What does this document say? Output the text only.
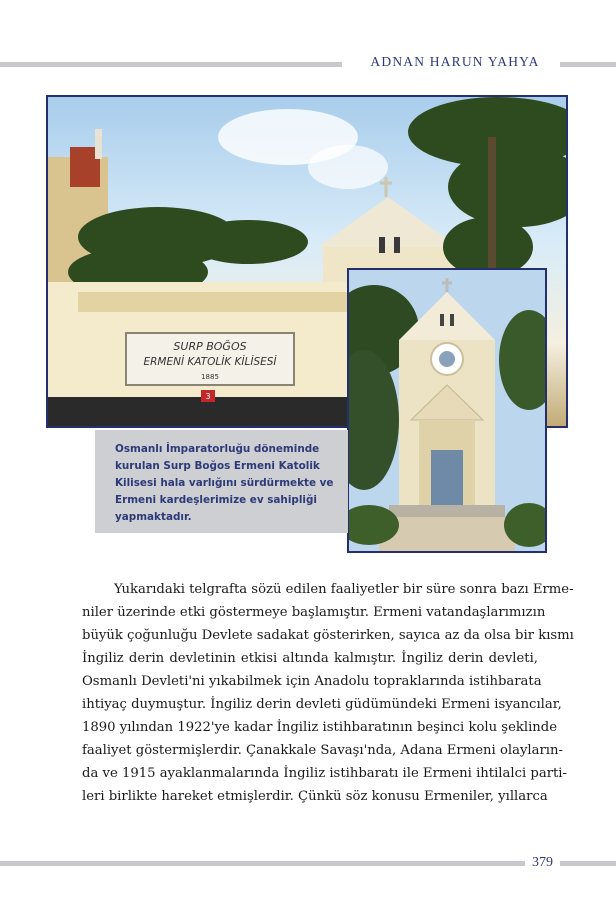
ADNAN HARUN YAHYA
SURP BOĞOS
ERMENİ KATOLİK KİLİSESİ
1885
3
Osmanlı İmparatorluğu döneminde
kurulan Surp Boğos Ermeni Katolik
Kilisesi hala varlığını sürdürmekte ve
Ermeni kardeşlerimize ev sahipliği
yapmaktadır.
Yukarıdaki telgrafta sözü edilen faaliyetler bir süre sonra bazı Erme-
niler üzerinde etki göstermeye başlamıştır. Ermeni vatandaşlarımızın
büyük çoğunluğu Devlete sadakat gösterirken, sayıca az da olsa bir kısmı
İngiliz derin devletinin etkisi altında kalmıştır. İngiliz derin devleti,
Osmanlı Devleti'ni yıkabilmek için Anadolu topraklarında istihbarata
ihtiyaç duymuştur. İngiliz derin devleti güdümündeki Ermeni isyancılar,
1890 yılından 1922'ye kadar İngiliz istihbaratının beşinci kolu şeklinde
faaliyet göstermişlerdir. Çanakkale Savaşı'nda, Adana Ermeni olayların-
da ve 1915 ayaklanmalarında İngiliz istihbaratı ile Ermeni ihtilalci parti-
leri birlikte hareket etmişlerdir. Çünkü söz konusu Ermeniler, yıllarca
379
